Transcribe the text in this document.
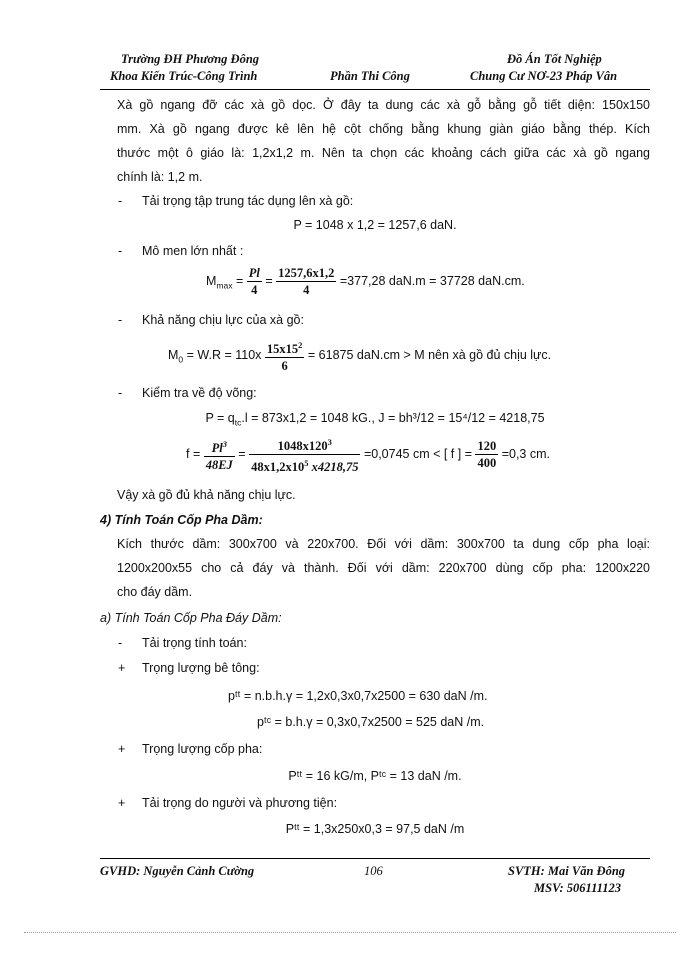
Trường ĐH Phương Đông	Đồ Án Tốt Nghiệp
Khoa Kiến Trúc-Công Trình	Phần Thi Công	Chung Cư NƠ-23 Pháp Vân
Xà gồ ngang đỡ các xà gồ dọc. Ở đây ta dung các xà gỗ bằng gỗ tiết diện: 150x150
mm. Xà gồ ngang được kê lên hệ cột chống bằng khung giàn giáo bằng thép. Kích
thước một ô giáo là: 1,2x1,2 m. Nên ta chọn các khoảng cách giữa các xà gồ ngang
chính là: 1,2 m.
- Tải trọng tập trung tác dụng lên xà gồ:
P = 1048 x 1,2 = 1257,6 daN.
- Mô men lớn nhất :
$M_{max} = \frac{Pl}{4} = \frac{1257,6x1,2}{4} =377,28$ daN.m = 37728 daN.cm.
- Khả năng chịu lực của xà gồ:
$M_0 = W.R = 110x \frac{15x15^2}{6} = 61875$ daN.cm > M nên xà gồ đủ chịu lực.
- Kiểm tra về độ võng:
$P = q_{tc}.l = 873x1,2 = 1048$ kG., J = bh³/12 = 15⁴/12 = 4218,75
$f = \frac{Pl^3}{48EJ} = \frac{1048x120^3}{48x1,2x10^5 x4218,75} =0,0745$ cm < [ f ] = $\frac{120}{400} =0,3$ cm.
Vậy xà gồ đủ khả năng chịu lực.
4) Tính Toán Cốp Pha Dầm:
Kích thước dầm: 300x700 và 220x700. Đối với dầm: 300x700 ta dung cốp pha loại:
1200x200x55 cho cả đáy và thành. Đối với dầm: 220x700 dùng cốp pha: 1200x220
cho đáy dầm.
a) Tính Toán Cốp Pha Đáy Dầm:
- Tải trọng tính toán:
+ Trọng lượng bê tông:
pᵗᵗ = n.b.h.γ = 1,2x0,3x0,7x2500 = 630 daN /m.
pᵗᶜ = b.h.γ = 0,3x0,7x2500 = 525 daN /m.
+ Trọng lượng cốp pha:
Pᵗᵗ = 16 kG/m, Pᵗᶜ = 13 daN /m.
+ Tải trọng do người và phương tiện:
Pᵗᵗ = 1,3x250x0,3 = 97,5 daN /m
GVHD: Nguyễn Cảnh Cường	106	SVTH: Mai Văn Đông
MSV: 506111123
